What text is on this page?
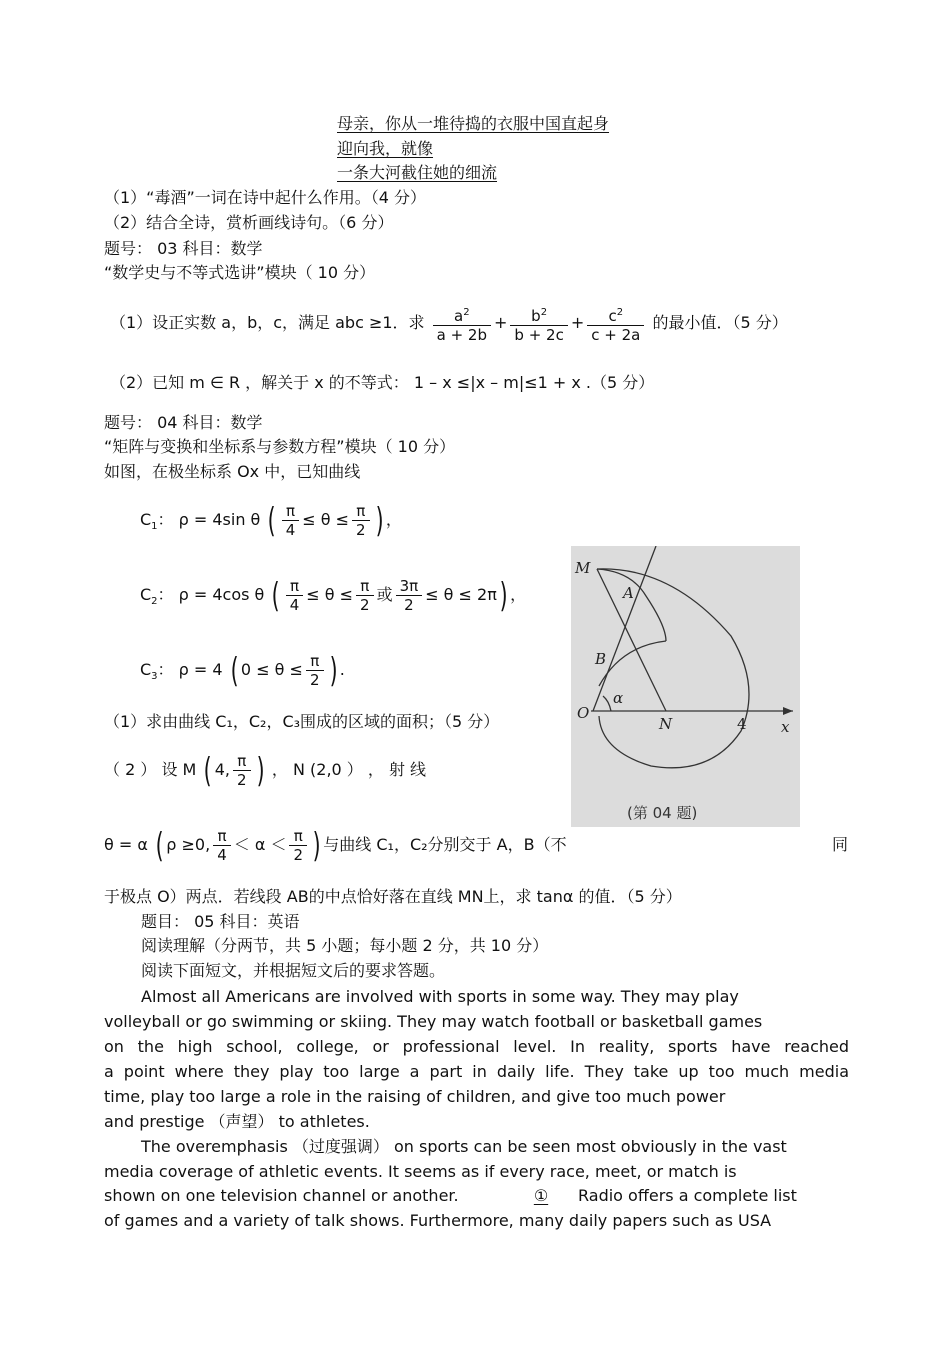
母亲，你从一堆待捣的衣服中国直起身
迎向我，就像
一条大河截住她的细流
（1）“毒酒”一词在诗中起什么作用。（4 分）
（2）结合全诗，赏析画线诗句。（6 分）
题号： 03 科目：数学
“数学史与不等式选讲”模块（ 10 分）
（1）设正实数 a，b，c，满足 abc ≥1．求 $\frac{a^2}{a + 2b} + \frac{b^2}{b + 2c} + \frac{c^2}{c + 2a}$ 的最小值．（5 分）
（2）已知 m ∈ R ，解关于 x 的不等式： 1 – x ≤|x – m|≤1 + x .（5 分）
题号： 04 科目：数学
“矩阵与变换和坐标系与参数方程”模块（ 10 分）
如图，在极坐标系 Ox 中，已知曲线
$C_1$： ρ = 4sin θ ( $\frac{\pi}{4} \le \theta \le \frac{\pi}{2}$ ) ，
$C_2$： ρ = 4cos θ ( $\frac{\pi}{4} \le \theta \le \frac{\pi}{2}$ 或 $\frac{3\pi}{2} \le \theta \le 2\pi$) ，
$C_3$： ρ = 4 ( $0 \le \theta \le \frac{\pi}{2}$ ) .
（1）求由曲线 C₁，C₂，C₃围成的区域的面积；（5 分）
（ 2 ） 设 M ( 4, $\frac{\pi}{2}$ ) ， N (2,0 ） ， 射 线
θ = α ( ρ ≥0, $\frac{\pi}{4} < \alpha < \frac{\pi}{2}$ ) 与曲线 C₁，C₂分别交于 A，B（不	同
于极点 O）两点．若线段 AB的中点恰好落在直线 MN上，求 tanα 的值．（5 分）
M
A
B
O
N	4 x
α
(第 04 题)
题目： 05 科目：英语
阅读理解（分两节，共 5 小题；每小题 2 分，共 10 分）
阅读下面短文，并根据短文后的要求答题。
Almost all Americans are involved with sports in some way. They may play
volleyball or go swimming or skiing. They may watch football or basketball games
on the high school, college, or professional level. In reality, sports have reached
a point where they play too large a part in daily life. They take up too much media
time, play too large a role in the raising of children, and give too much power
and prestige （声望） to athletes.
The overemphasis （过度强调） on sports can be seen most obviously in the vast
media coverage of athletic events. It seems as if every race, meet, or match is
shown on one television channel or another.	①	Radio offers a complete list
of games and a variety of talk shows. Furthermore, many daily papers such as USA
